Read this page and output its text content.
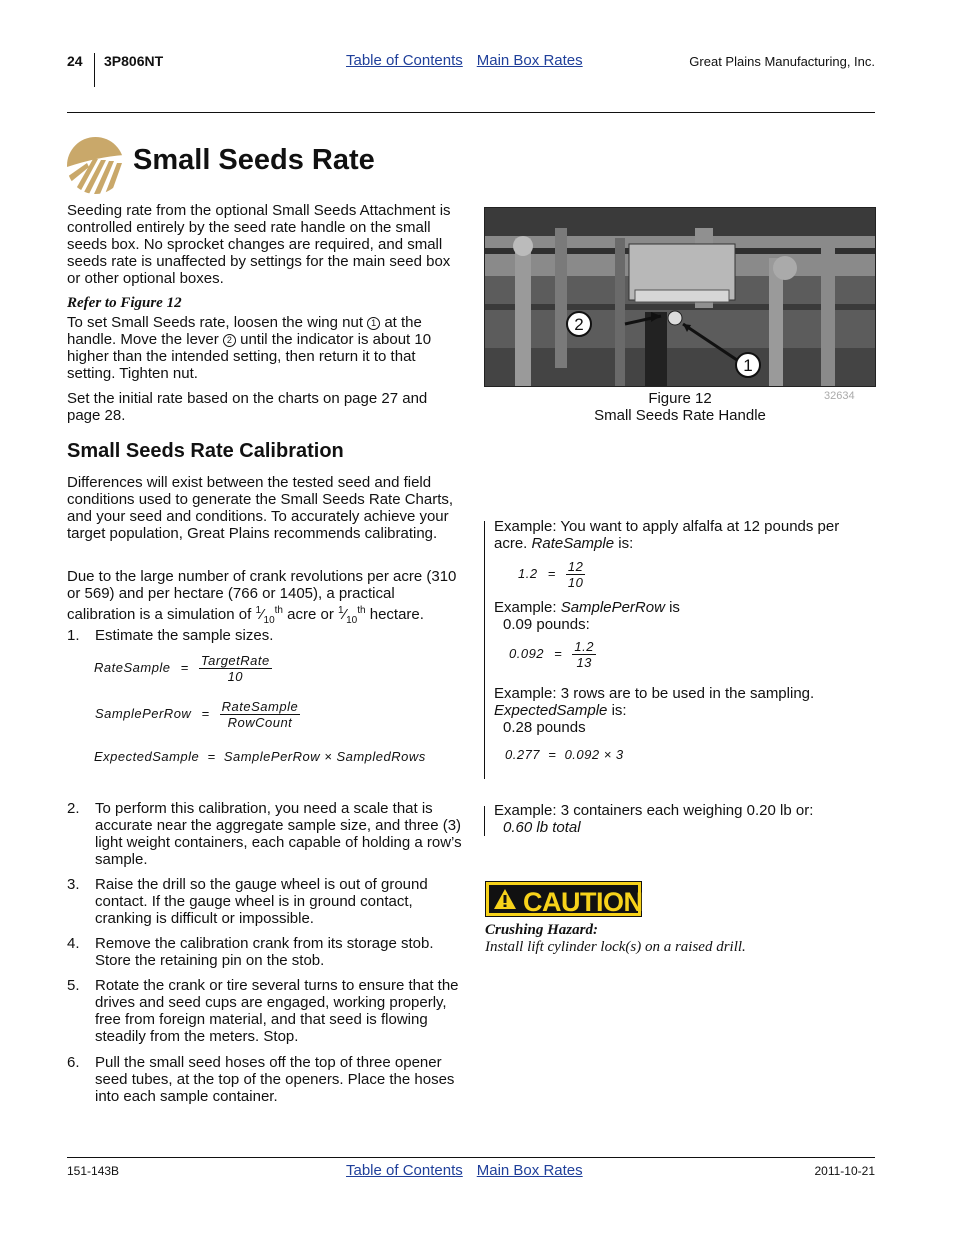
24 3P806NT	Table of Contents Main Box Rates	Great Plains Manufacturing, Inc.
Small Seeds Rate
Seeding rate from the optional Small Seeds Attachment is controlled entirely by the seed rate handle on the small seeds box. No sprocket changes are required, and small seeds rate is unaffected by settings for the main seed box or other optional boxes.
Refer to Figure 12
To set Small Seeds rate, loosen the wing nut 1 at the handle. Move the lever 2 until the indicator is about 10 higher than the intended setting, then return it to that setting. Tighten nut.
Set the initial rate based on the charts on page 27 and page 28.
Small Seeds Rate Calibration
Differences will exist between the tested seed and field conditions used to generate the Small Seeds Rate Charts, and your seed and conditions. To accurately achieve your target population, Great Plains recommends calibrating.
Due to the large number of crank revolutions per acre (310 or 569) and per hectare (766 or 1405), a practical calibration is a simulation of $^1⁄_{10}^{th}$ acre or $^1⁄_{10}^{th}$ hectare.
1. Estimate the sample sizes.
RateSample = $\frac{\text{TargetRate}}{10}$
SamplePerRow = $\frac{\text{RateSample}}{\text{RowCount}}$
ExpectedSample  =  SamplePerRow × SampledRows
2. To perform this calibration, you need a scale that is accurate near the aggregate sample size, and three (3) light weight containers, each capable of holding a row’s sample.
3. Raise the drill so the gauge wheel is out of ground contact. If the gauge wheel is in ground contact, cranking is difficult or impossible.
4. Remove the calibration crank from its storage stob. Store the retaining pin on the stob.
5. Rotate the crank or tire several turns to ensure that the drives and seed cups are engaged, working properly, free from foreign material, and that seed is flowing steadily from the meters. Stop.
6. Pull the small seed hoses off the top of three opener seed tubes, at the top of the openers. Place the hoses into each sample container.
2
1
Figure 12
Small Seeds Rate Handle
32634
Example: You want to apply alfalfa at 12 pounds per acre. RateSample is:
$1.2 = \frac{12}{10}$
Example: SamplePerRow is
0.09 pounds:
$0.092 = \frac{1.2}{13}$
Example: 3 rows are to be used in the sampling.
ExpectedSample is:
0.28 pounds
0.277  =  0.092 × 3
Example: 3 containers each weighing 0.20 lb or:
0.60 lb total
CAUTION
Crushing Hazard:
Install lift cylinder lock(s) on a raised drill.
151-143B	Table of Contents Main Box Rates	2011-10-21
